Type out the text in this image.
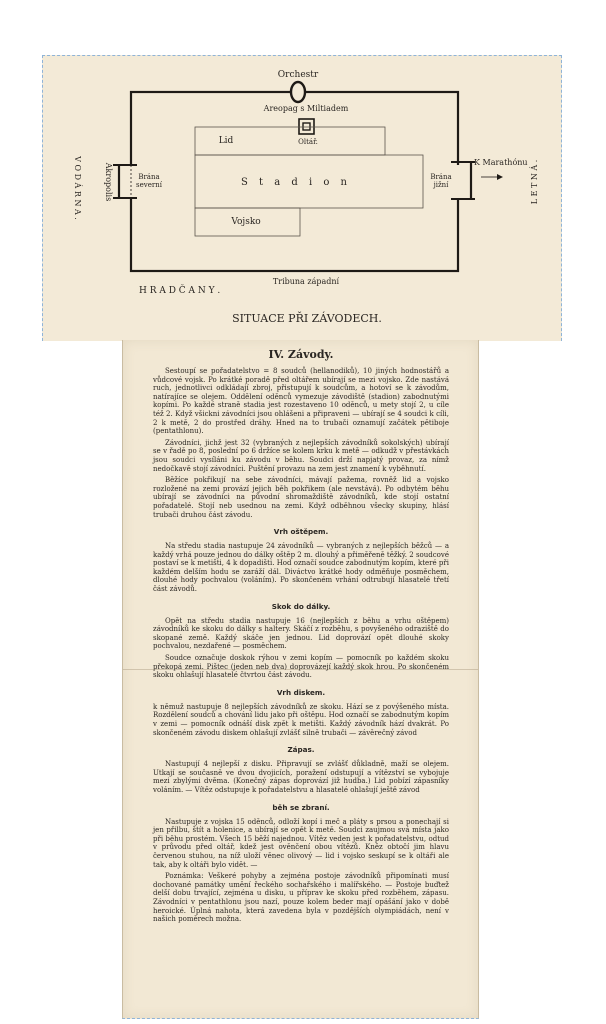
Orchestr
Areopag s Miltiadem
Oltář.
Lid
S t a d i o n
Vojsko
Brána
severní
Akropolis	Brána
jižní
K Marathónu
Tribuna západní
H R A D Č A N Y .
V O D Á R N A .	L E T N Á .
SITUACE PŘI ZÁVODECH.
IV. Závody.

Sestoupí se pořadatelstvo = 8 soudců (hellanodiků), 10 jiných hodnostářů a vůdcové vojsk. Po krátké poradě před oltářem ubírají se mezi vojsko. Zde nastává ruch, jednotlivci odkládají zbroj, přistupují k soudcům, a hotoví se k závodům, natírajíce se olejem. Oddělení oděnců vymezuje závodiště (stadion) zabodnutými kopími. Po každé straně stadia jest rozestaveno 10 oděnců, u mety stojí 2, u cíle též 2. Když všickni závodníci jsou ohlášeni a připraveni — ubírají se 4 soudci k cíli, 2 k metě, 2 do prostřed dráhy. Hned na to trubači oznamují začátek pětiboje (pentathlonu).

Závodníci, jichž jest 32 (vybraných z nejlepších závodníků sokolských) ubírají se v řadě po 8, poslední po 6 držíce se kolem krku k metě — odkudž v přestávkách jsou soudci vysíláni ku závodu v běhu. Soudci drží napjatý provaz, za nímž nedočkavě stojí závodníci. Puštění provazu na zem jest znamení k vyběhnutí.

Běžíce pokřikují na sebe závodníci, mávají pažema, rovněž lid a vojsko rozložené na zemi provází jejich běh pokřikem (ale nevstává). Po odbytém běhu ubírají se závodníci na původní shromaždiště závodníků, kde stojí ostatní pořadatelé. Stojí neb usednou na zemi. Když odběhnou všecky skupiny, hlásí trubači druhou část závodu.

Vrh oštěpem.

Na středu stadia nastupuje 24 závodníků — vybraných z nejlepších běžců — a každý vrhá pouze jednou do dálky oštěp 2 m. dlouhý a přiměřeně těžký. 2 soudcové postaví se k metišti, 4 k dopadišti. Hod označí soudce zabodnutým kopím, které při každém delším hodu se zaráží dál. Diváctvo krátké hody odměňuje posměchem, dlouhé hody pochvalou (voláním). Po skončeném vrhání odtrubují hlasatelé třetí část závodů.

Skok do dálky.

Opět na středu stadia nastupuje 16 (nejlepších z běhu a vrhu oštěpem) závodníků ke skoku do dálky s haltery. Skáčí z rozběhu, s povyšeného odraziště do skopané země. Každý skáče jen jednou. Lid doprovází opět dlouhé skoky pochvalou, nezdařené — posměchem.

Soudce označuje doskok rýhou v zemi kopím — pomocník po každém skoku překopá zemi. Pištec (jeden neb dva) doprovázejí každý skok hrou. Po skončeném skoku ohlašují hlasatelé čtvrtou část závodu.

Vrh diskem.

k němuž nastupuje 8 nejlepších závodníků ze skoku. Hází se z povýšeného místa. Rozdělení soudců a chování lidu jako při oštěpu. Hod označí se zabodnutým kopím v zemi — pomocník odnáší disk zpět k metišti. Každý závodník hází dvakrát. Po skončeném závodu diskem ohlašují zvlášť silně trubači — závěrečný závod

Zápas.

Nastupují 4 nejlepší z disku. Připravují se zvlášť důkladně, maží se olejem. Utkají se současně ve dvou dvojicích, poražení odstupují a vítězství se vybojuje mezi zbylými dvěma. (Konečný zápas doprovází již hudba.) Lid pobízí zápasníky voláním. — Vítěz odstupuje k pořadatelstvu a hlasatelé ohlašují ještě závod

běh se zbraní.

Nastupuje z vojska 15 oděnců, odloží kopí i meč a pláty s prsou a ponechají si jen přilbu, štít a holenice, a ubírají se opět k metě. Soudci zaujmou svá místa jako při běhu prostém. Všech 15 běží najednou. Vítěz veden jest k pořadatelstvu, odtud v průvodu před oltář, kdež jest ověnčení obou vítězů. Kněz obtočí jim hlavu červenou stuhou, na níž uloží věnec olivový — lid i vojsko seskupí se k oltáři ale tak, aby k oltáři bylo vidět. —

Poznámka: Veškeré pohyby a zejména postoje závodníků připomínati musí dochované památky umění řeckého sochařského i malířského. — Postoje buďtež delší dobu trvající, zejména u disku, u příprav ke skoku před rozběhem, zápasu. Závodníci v pentathlonu jsou nazí, pouze kolem beder mají opášání jako v době heroické. Úplná nahota, která zavedena byla v pozdějších olympiádách, není v našich poměrech možna.
